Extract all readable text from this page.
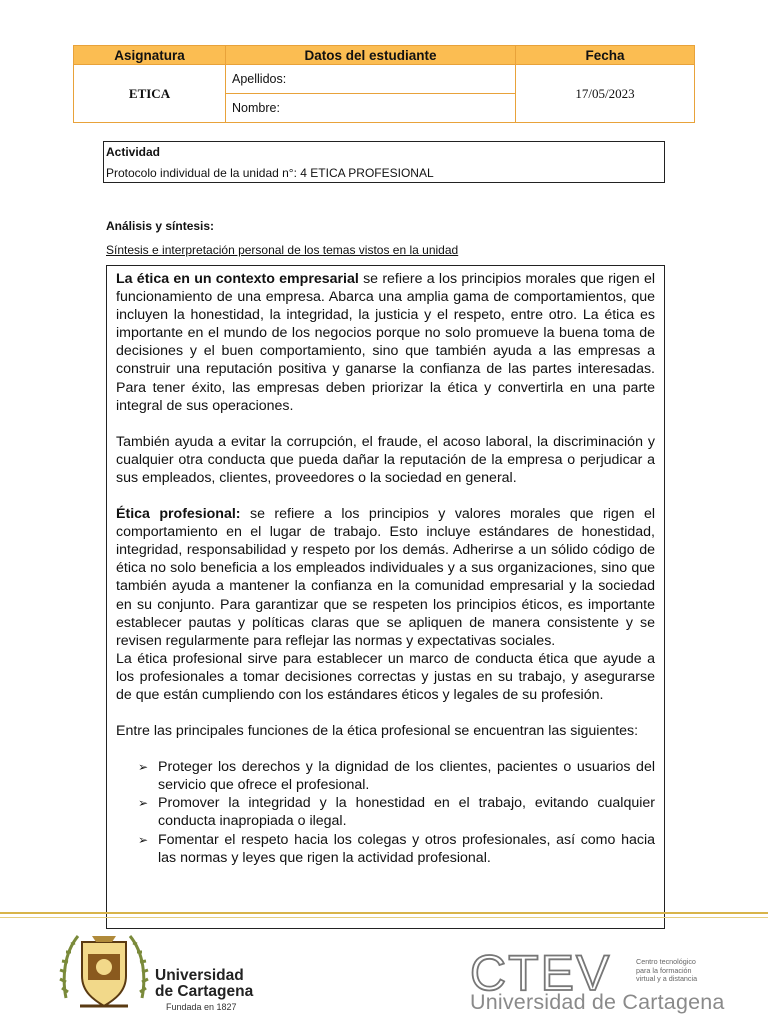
Asignatura	Datos del estudiante	Fecha
ETICA	Apellidos:	17/05/2023
	Nombre:	
Actividad
Protocolo individual de la unidad n°: 4 ETICA PROFESIONAL
Análisis y síntesis:
Síntesis e interpretación personal de los temas vistos en la unidad

La ética en un contexto empresarial se refiere a los principios morales que rigen el funcionamiento de una empresa. Abarca una amplia gama de comportamientos, que incluyen la honestidad, la integridad, la justicia y el respeto, entre otro. La ética es importante en el mundo de los negocios porque no solo promueve la buena toma de decisiones y el buen comportamiento, sino que también ayuda a las empresas a construir una reputación positiva y ganarse la confianza de las partes interesadas. Para tener éxito, las empresas deben priorizar la ética y convertirla en una parte integral de sus operaciones.

También ayuda a evitar la corrupción, el fraude, el acoso laboral, la discriminación y cualquier otra conducta que pueda dañar la reputación de la empresa o perjudicar a sus empleados, clientes, proveedores o la sociedad en general.

Ética profesional: se refiere a los principios y valores morales que rigen el comportamiento en el lugar de trabajo. Esto incluye estándares de honestidad, integridad, responsabilidad y respeto por los demás. Adherirse a un sólido código de ética no solo beneficia a los empleados individuales y a sus organizaciones, sino que también ayuda a mantener la confianza en la comunidad empresarial y la sociedad en su conjunto. Para garantizar que se respeten los principios éticos, es importante establecer pautas y políticas claras que se apliquen de manera consistente y se revisen regularmente para reflejar las normas y expectativas sociales.

La ética profesional sirve para establecer un marco de conducta ética que ayude a los profesionales a tomar decisiones correctas y justas en su trabajo, y asegurarse de que están cumpliendo con los estándares éticos y legales de su profesión.

Entre las principales funciones de la ética profesional se encuentran las siguientes:

➢ Proteger los derechos y la dignidad de los clientes, pacientes o usuarios del servicio que ofrece el profesional.
➢ Promover la integridad y la honestidad en el trabajo, evitando cualquier conducta inapropiada o ilegal.
➢ Fomentar el respeto hacia los colegas y otros profesionales, así como hacia las normas y leyes que rigen la actividad profesional.
Universidad
de Cartagena
Fundada en 1827
CTEV	Centro tecnológico
para la formación
virtual y a distancia
Universidad de Cartagena
